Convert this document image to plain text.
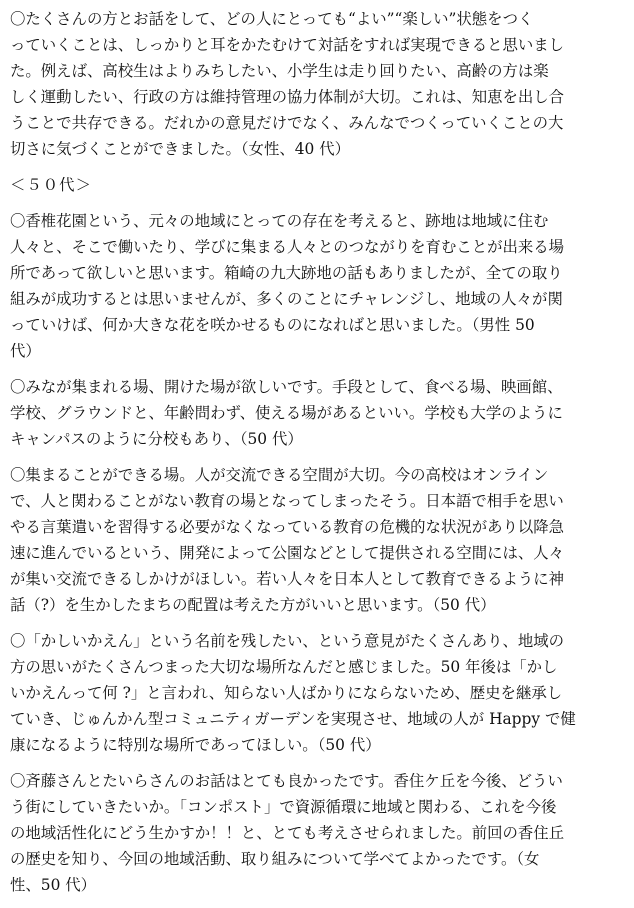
〇たくさんの方とお話をして、どの人にとっても“よい”“楽しい”状態をつく
っていくことは、しっかりと耳をかたむけて対話をすれば実現できると思いまし
た。例えば、高校生はよりみちしたい、小学生は走り回りたい、高齢の方は楽
しく運動したい、行政の方は維持管理の協力体制が大切。これは、知恵を出し合
うことで共存できる。だれかの意見だけでなく、みんなでつくっていくことの大
切さに気づくことができました。（女性、40 代）
＜５０代＞
〇香椎花園という、元々の地域にとっての存在を考えると、跡地は地域に住む
人々と、そこで働いたり、学びに集まる人々とのつながりを育むことが出来る場
所であって欲しいと思います。箱崎の九大跡地の話もありましたが、全ての取り
組みが成功するとは思いませんが、多くのことにチャレンジし、地域の人々が関
っていけば、何か大きな花を咲かせるものになればと思いました。（男性 50
代）
〇みなが集まれる場、開けた場が欲しいです。手段として、食べる場、映画館、
学校、グラウンドと、年齢問わず、使える場があるといい。学校も大学のように
キャンパスのように分校もあり、（50 代）
〇集まることができる場。人が交流できる空間が大切。今の高校はオンライン
で、人と関わることがない教育の場となってしまったそう。日本語で相手を思い
やる言葉遣いを習得する必要がなくなっている教育の危機的な状況があり以降急
速に進んでいるという、開発によって公園などとして提供される空間には、人々
が集い交流できるしかけがほしい。若い人々を日本人として教育できるように神
話（?）を生かしたまちの配置は考えた方がいいと思います。（50 代）
〇「かしいかえん」という名前を残したい、という意見がたくさんあり、地域の
方の思いがたくさんつまった大切な場所なんだと感じました。50 年後は「かし
いかえんって何 ?」と言われ、知らない人ばかりにならないため、歴史を継承し
ていき、じゅんかん型コミュニティガーデンを実現させ、地域の人が Happy で健
康になるように特別な場所であってほしい。（50 代）
〇斉藤さんとたいらさんのお話はとても良かったです。香住ケ丘を今後、どうい
う街にしていきたいか。「コンポスト」で資源循環に地域と関わる、これを今後
の地域活性化にどう生かすか！！と、とても考えさせられました。前回の香住丘
の歴史を知り、今回の地域活動、取り組みについて学べてよかったです。（女
性、50 代）
